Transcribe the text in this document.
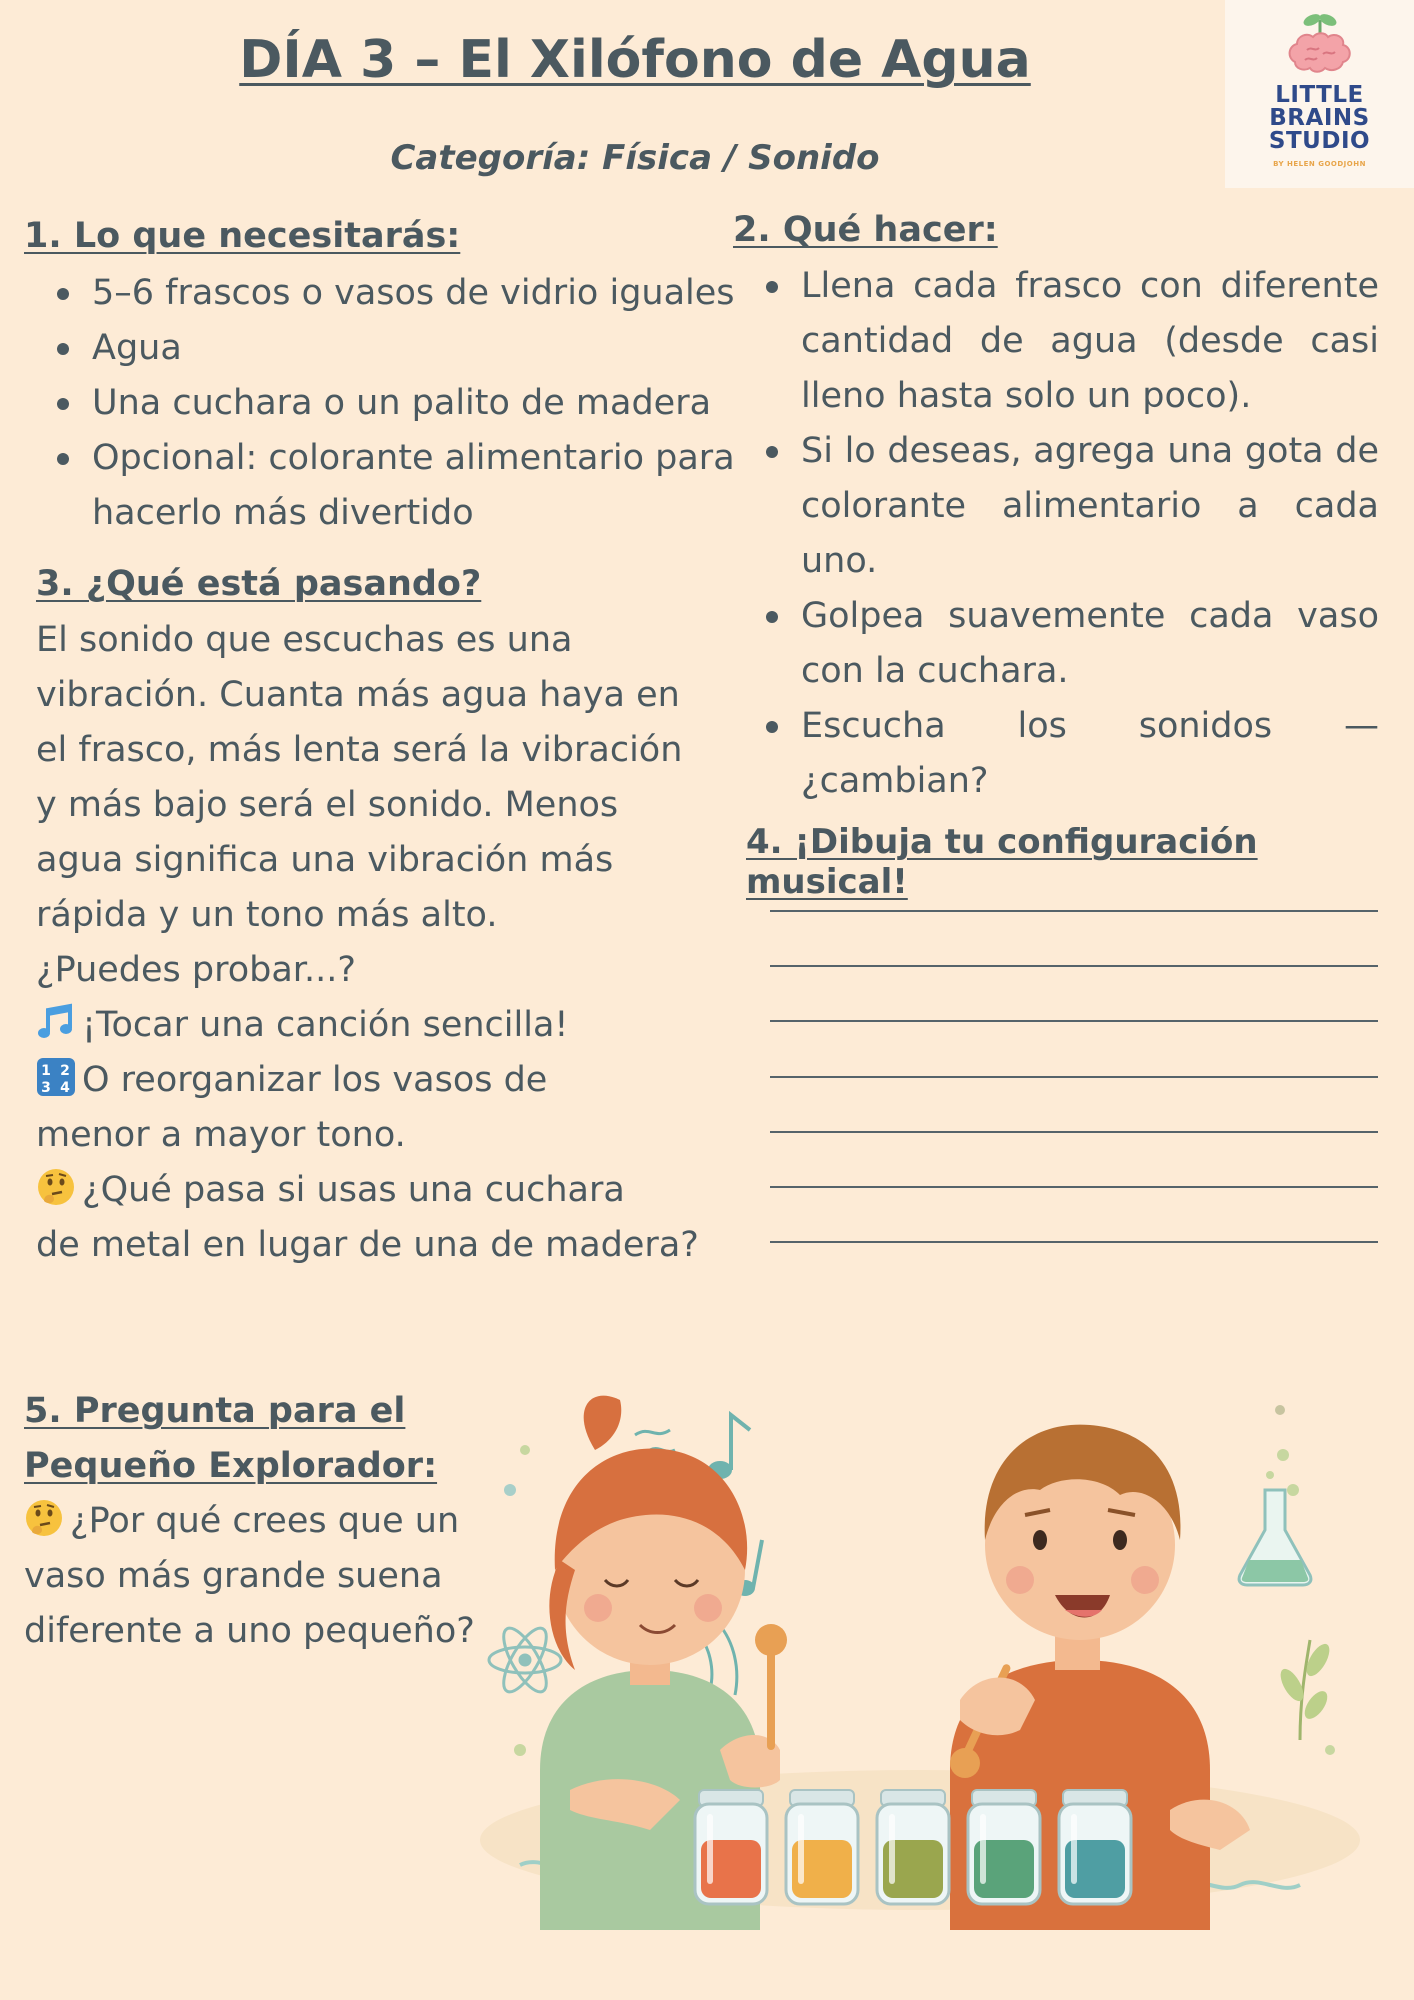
DÍA 3 – El Xilófono de Agua
Categoría: Física / Sonido
LITTLE
BRAINS
STUDIO
BY HELEN GOODJOHN
1. Lo que necesitarás:
5–6 frascos o vasos de vidrio iguales
Agua
Una cuchara o un palito de madera
Opcional: colorante alimentario para hacerlo más divertido
2. Qué hacer:
Llena cada frasco con diferente cantidad de agua (desde casi lleno hasta solo un poco).
Si lo deseas, agrega una gota de colorante alimentario a cada uno.
Golpea suavemente cada vaso con la cuchara.
Escucha los sonidos — ¿cambian?
3. ¿Qué está pasando?
El sonido que escuchas es una
vibración. Cuanta más agua haya en
el frasco, más lenta será la vibración
y más bajo será el sonido. Menos
agua significa una vibración más
rápida y un tono más alto.
¿Puedes probar...?
¡Tocar una canción sencilla!
1 2
3 4 O reorganizar los vasos de
menor a mayor tono.
¿Qué pasa si usas una cuchara
de metal en lugar de una de madera?
4. ¡Dibuja tu configuración musical!
5. Pregunta para el
Pequeño Explorador:
¿Por qué crees que un
vaso más grande suena
diferente a uno pequeño?
